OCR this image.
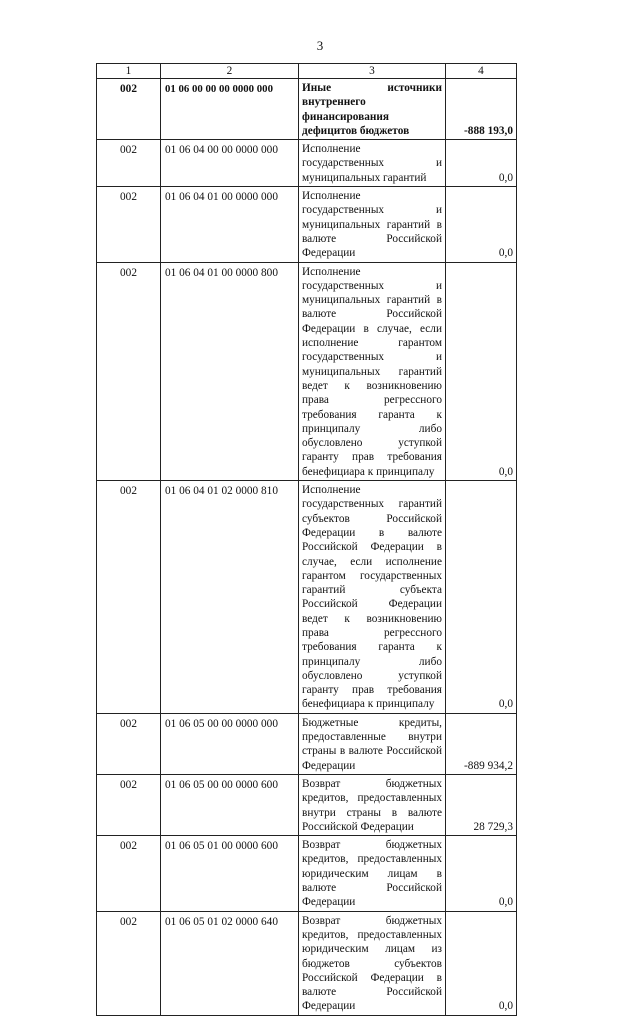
3
1	2	3	4
002	01 06 00 00 00 0000 000	Иные источники внутреннего финансирования дефицитов бюджетов	-888 193,0
002	01 06 04 00 00 0000 000	Исполнение государственных и муниципальных гарантий	0,0
002	01 06 04 01 00 0000 000	Исполнение государственных и муниципальных гарантий в валюте Российской Федерации	0,0
002	01 06 04 01 00 0000 800	Исполнение государственных и муниципальных гарантий в валюте Российской Федерации в случае, если исполнение гарантом государственных и муниципальных гарантий ведет к возникновению права регрессного требования гаранта к принципалу либо обусловлено уступкой гаранту прав требования бенефициара к принципалу	0,0
002	01 06 04 01 02 0000 810	Исполнение государственных гарантий субъектов Российской Федерации в валюте Российской Федерации в случае, если исполнение гарантом государственных гарантий субъекта Российской Федерации ведет к возникновению права регрессного требования гаранта к принципалу либо обусловлено уступкой гаранту прав требования бенефициара к принципалу	0,0
002	01 06 05 00 00 0000 000	Бюджетные кредиты, предоставленные внутри страны в валюте Российской Федерации	-889 934,2
002	01 06 05 00 00 0000 600	Возврат бюджетных кредитов, предоставленных внутри страны в валюте Российской Федерации	28 729,3
002	01 06 05 01 00 0000 600	Возврат бюджетных кредитов, предоставленных юридическим лицам в валюте Российской Федерации	0,0
002	01 06 05 01 02 0000 640	Возврат бюджетных кредитов, предоставленных юридическим лицам из бюджетов субъектов Российской Федерации в валюте Российской Федерации	0,0
